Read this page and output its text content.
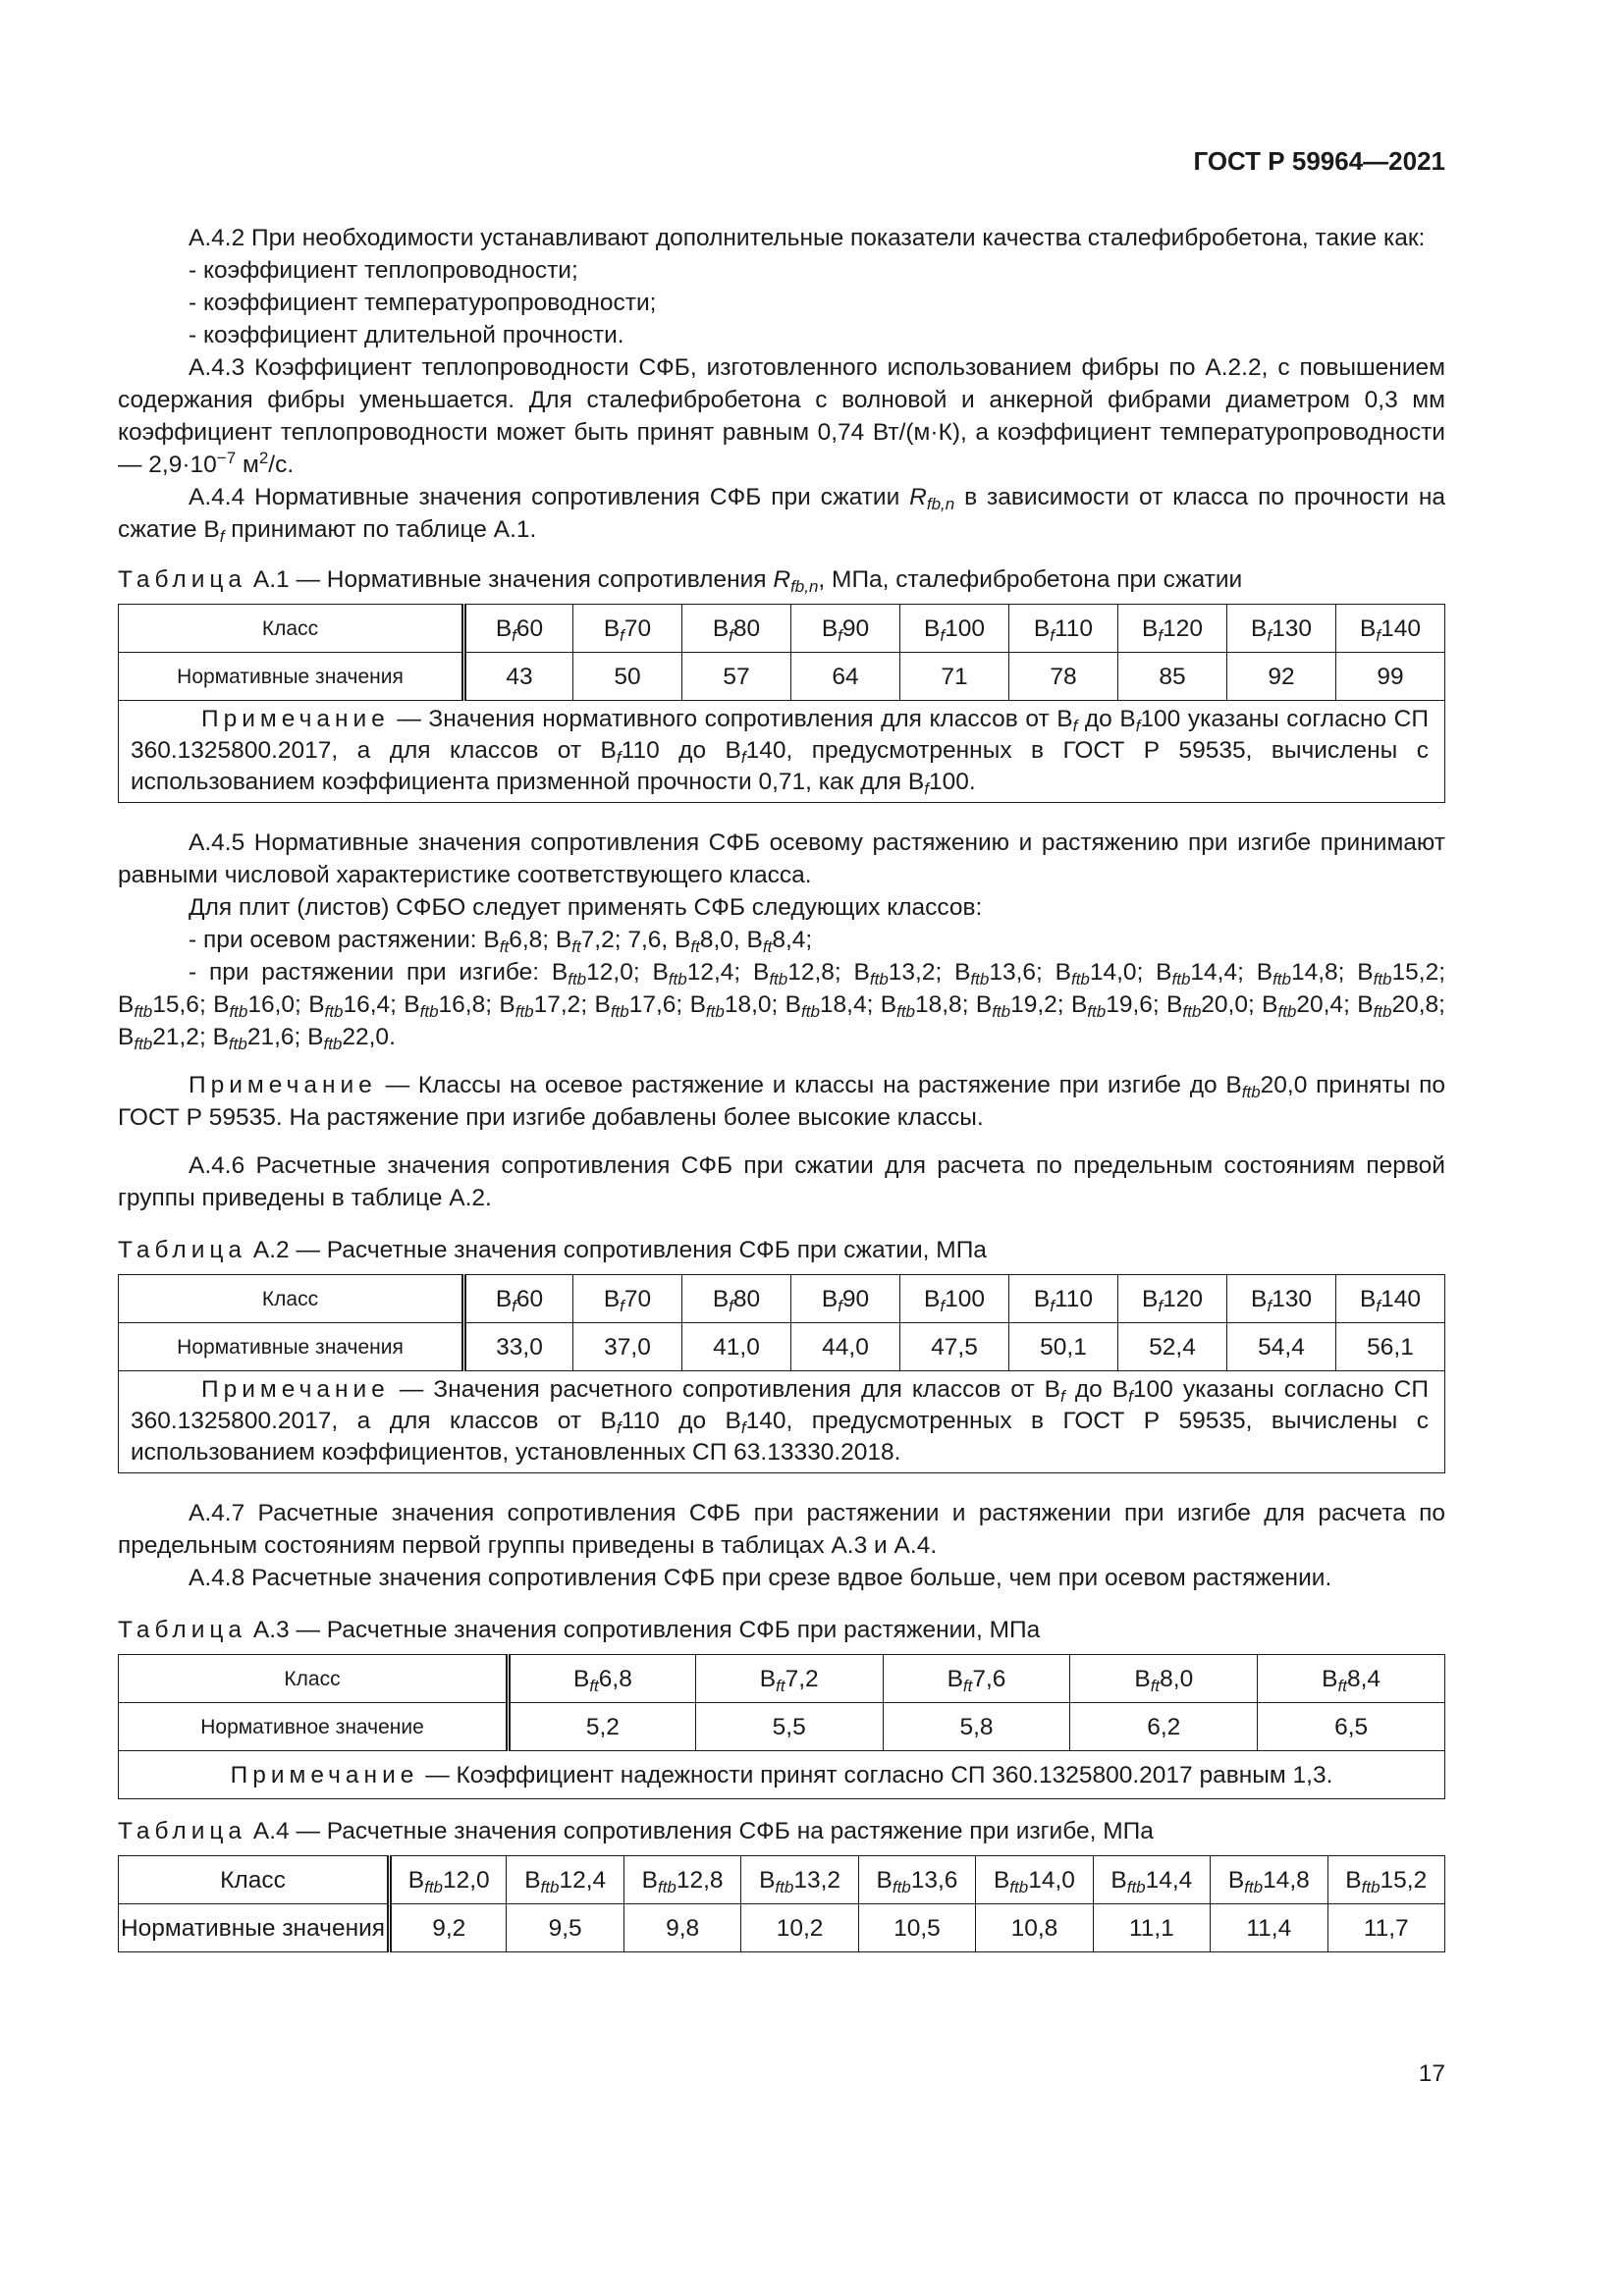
ГОСТ Р 59964—2021

А.4.2 При необходимости устанавливают дополнительные показатели качества сталефибробетона, такие как:

- коэффициент теплопроводности;

- коэффициент температуропроводности;

- коэффициент длительной прочности.

А.4.3 Коэффициент теплопроводности СФБ, изготовленного использованием фибры по А.2.2, с повышением содержания фибры уменьшается. Для сталефибробетона с волновой и анкерной фибрами диаметром 0,3 мм коэффициент теплопроводности может быть принят равным 0,74 Вт/(м·К), а коэффициент температуропроводности — $2,9\cdot 10^{-7}$ $м^2/с$.

А.4.4 Нормативные значения сопротивления СФБ при сжатии $R_{fb,n}$ в зависимости от класса по прочности на сжатие $B_f$ принимают по таблице А.1.

Таблица А.1 — Нормативные значения сопротивления $R_{fb,n}$, МПа, сталефибробетона при сжатии

Класс	$B_f60$	$B_f70$	$B_f80$	$B_f90$	$B_f100$	$B_f110$	$B_f120$	$B_f130$	$B_f140$
Нормативные значения	43	50	57	64	71	78	85	92	99

Примечание — Значения нормативного сопротивления для классов от $B_f$ до $B_f100$ указаны согласно СП 360.1325800.2017, а для классов от $B_f110$ до $B_f140$, предусмотренных в ГОСТ Р 59535, вычислены с использованием коэффициента призменной прочности 0,71, как для $B_f100$.									

А.4.5 Нормативные значения сопротивления СФБ осевому растяжению и растяжению при изгибе принимают равными числовой характеристике соответствующего класса.

Для плит (листов) СФБО следует применять СФБ следующих классов:

- при осевом растяжении: $B_{ft}6,8$; $B_{ft}7,2$; 7,6, $B_{ft}8,0$, $B_{ft}8,4$;

- при растяжении при изгибе: $B_{ftb}12,0$; $B_{ftb}12,4$; $B_{ftb}12,8$; $B_{ftb}13,2$; $B_{ftb}13,6$; $B_{ftb}14,0$; $B_{ftb}14,4$; $B_{ftb}14,8$; $B_{ftb}15,2$; $B_{ftb}15,6$; $B_{ftb}16,0$; $B_{ftb}16,4$; $B_{ftb}16,8$; $B_{ftb}17,2$; $B_{ftb}17,6$; $B_{ftb}18,0$; $B_{ftb}18,4$; $B_{ftb}18,8$; $B_{ftb}19,2$; $B_{ftb}19,6$; $B_{ftb}20,0$; $B_{ftb}20,4$; $B_{ftb}20,8$; $B_{ftb}21,2$; $B_{ftb}21,6$; $B_{ftb}22,0$.

Примечание — Классы на осевое растяжение и классы на растяжение при изгибе до $B_{ftb}20,0$ приняты по ГОСТ Р 59535. На растяжение при изгибе добавлены более высокие классы.

А.4.6 Расчетные значения сопротивления СФБ при сжатии для расчета по предельным состояниям первой группы приведены в таблице А.2.

Таблица А.2 — Расчетные значения сопротивления СФБ при сжатии, МПа

Класс	$B_f60$	$B_f70$	$B_f80$	$B_f90$	$B_f100$	$B_f110$	$B_f120$	$B_f130$	$B_f140$
Нормативные значения	33,0	37,0	41,0	44,0	47,5	50,1	52,4	54,4	56,1

Примечание — Значения расчетного сопротивления для классов от $B_f$ до $B_f100$ указаны согласно СП 360.1325800.2017, а для классов от $B_f110$ до $B_f140$, предусмотренных в ГОСТ Р 59535, вычислены с использованием коэффициентов, установленных СП 63.13330.2018.									

А.4.7 Расчетные значения сопротивления СФБ при растяжении и растяжении при изгибе для расчета по предельным состояниям первой группы приведены в таблицах А.3 и А.4.

А.4.8 Расчетные значения сопротивления СФБ при срезе вдвое больше, чем при осевом растяжении.

Таблица А.3 — Расчетные значения сопротивления СФБ при растяжении, МПа

Класс	$B_{ft}6,8$	$B_{ft}7,2$	$B_{ft}7,6$	$B_{ft}8,0$	$B_{ft}8,4$
Нормативное значение	5,2	5,5	5,8	6,2	6,5
Примечание — Коэффициент надежности принят согласно СП 360.1325800.2017 равным 1,3.					

Таблица А.4 — Расчетные значения сопротивления СФБ на растяжение при изгибе, МПа

Класс	$B_{ftb}12,0$	$B_{ftb}12,4$	$B_{ftb}12,8$	$B_{ftb}13,2$	$B_{ftb}13,6$	$B_{ftb}14,0$	$B_{ftb}14,4$	$B_{ftb}14,8$	$B_{ftb}15,2$
Нормативные значения	9,2	9,5	9,8	10,2	10,5	10,8	11,1	11,4	11,7
17
